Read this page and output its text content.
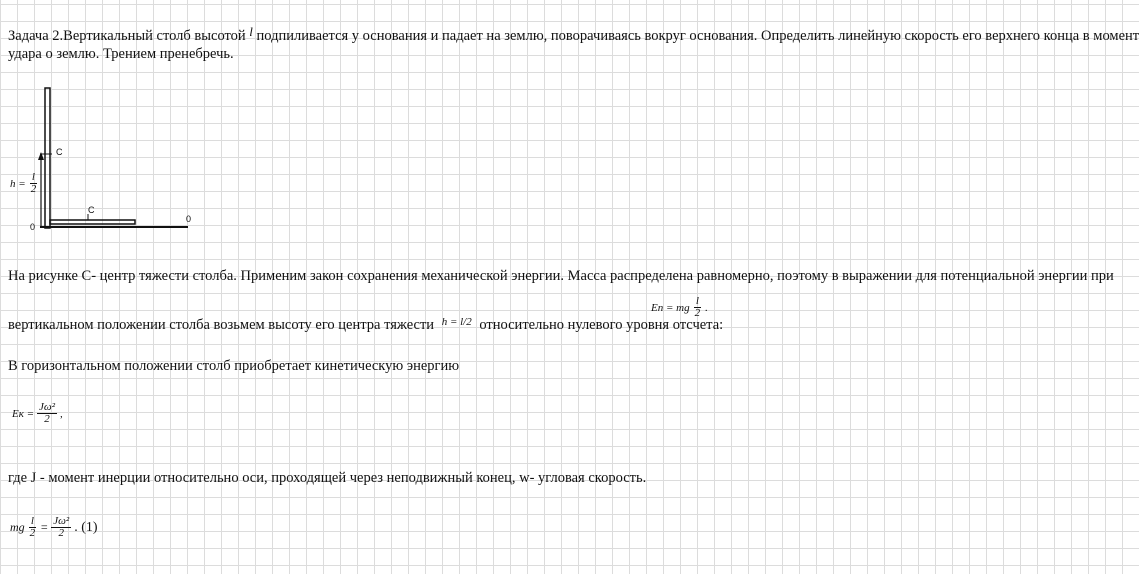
Задача 2.Вертикальный столб высотой l подпиливается у основания и падает на землю, поворачиваясь вокруг основания. Определить линейную скорость его верхнего конца в момент
удара о землю. Трением пренебречь.
C
C
$h = \frac{l}{2}$
0
0
На рисунке С- центр тяжести столба. Применим закон сохранения механической энергии. Масса распределена равномерно, поэтому в выражении для потенциальной энергии при
вертикальном положении столба возьмем высоту его центра тяжести $^{h = l/2}$ относительно нулевого уровня отсчета:
Eп = mg $\frac{l}{2}$ .
В горизонтальном положении столб приобретает кинетическую энергию
Eк = $\frac{\text{Jω²}}{2}$ ,
где J - момент инерции относительно оси, проходящей через неподвижный конец, w- угловая скорость.
mg $\frac{l}{2} = \frac{\text{Jω²}}{2}$ . (1)
